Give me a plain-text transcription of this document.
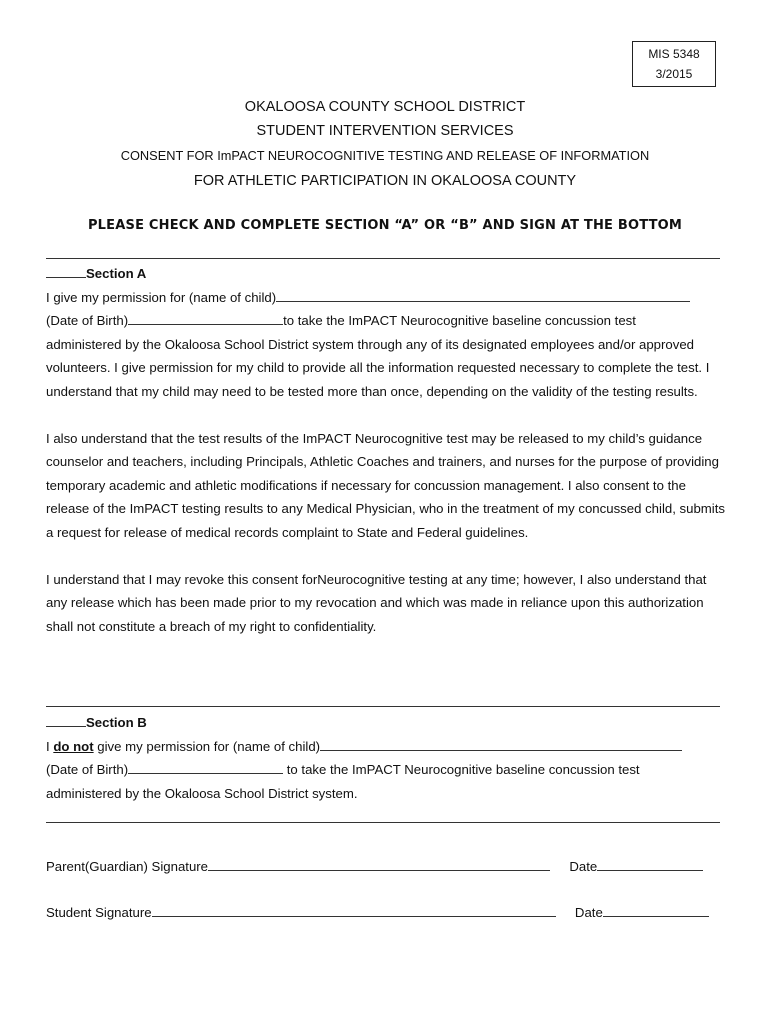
MIS 5348
3/2015
OKALOOSA COUNTY SCHOOL DISTRICT
STUDENT INTERVENTION SERVICES
CONSENT FOR ImPACT NEUROCOGNITIVE TESTING AND RELEASE OF INFORMATION
FOR ATHLETIC PARTICIPATION IN OKALOOSA COUNTY
PLEASE CHECK AND COMPLETE SECTION “A” OR “B” AND SIGN AT THE BOTTOM

Section A

I give my permission for (name of child)

(Date of Birth)	to take the ImPACT Neurocognitive baseline concussion test

administered by the Okaloosa School District system through any of its designated employees and/or approved volunteers. I give permission for my child to provide all the information requested necessary to complete the test. I understand that my child may need to be tested more than once, depending on the validity of the testing results.

I also understand that the test results of the ImPACT Neurocognitive test may be released to my child’s guidance counselor and teachers, including Principals, Athletic Coaches and trainers, and nurses for the purpose of providing temporary academic and athletic modifications if necessary for concussion management. I also consent to the release of the ImPACT testing results to any Medical Physician, who in the treatment of my concussed child, submits a request for release of medical records complaint to State and Federal guidelines.

I understand that I may revoke this consent forNeurocognitive testing at any time; however, I also understand that any release which has been made prior to my revocation and which was made in reliance upon this authorization shall not constitute a breach of my right to confidentiality.

Section B

I do not give my permission for (name of child)

(Date of Birth)	to take the ImPACT Neurocognitive baseline concussion test

administered by the Okaloosa School District system.

Parent(Guardian) Signature	Date
Student Signature	Date
